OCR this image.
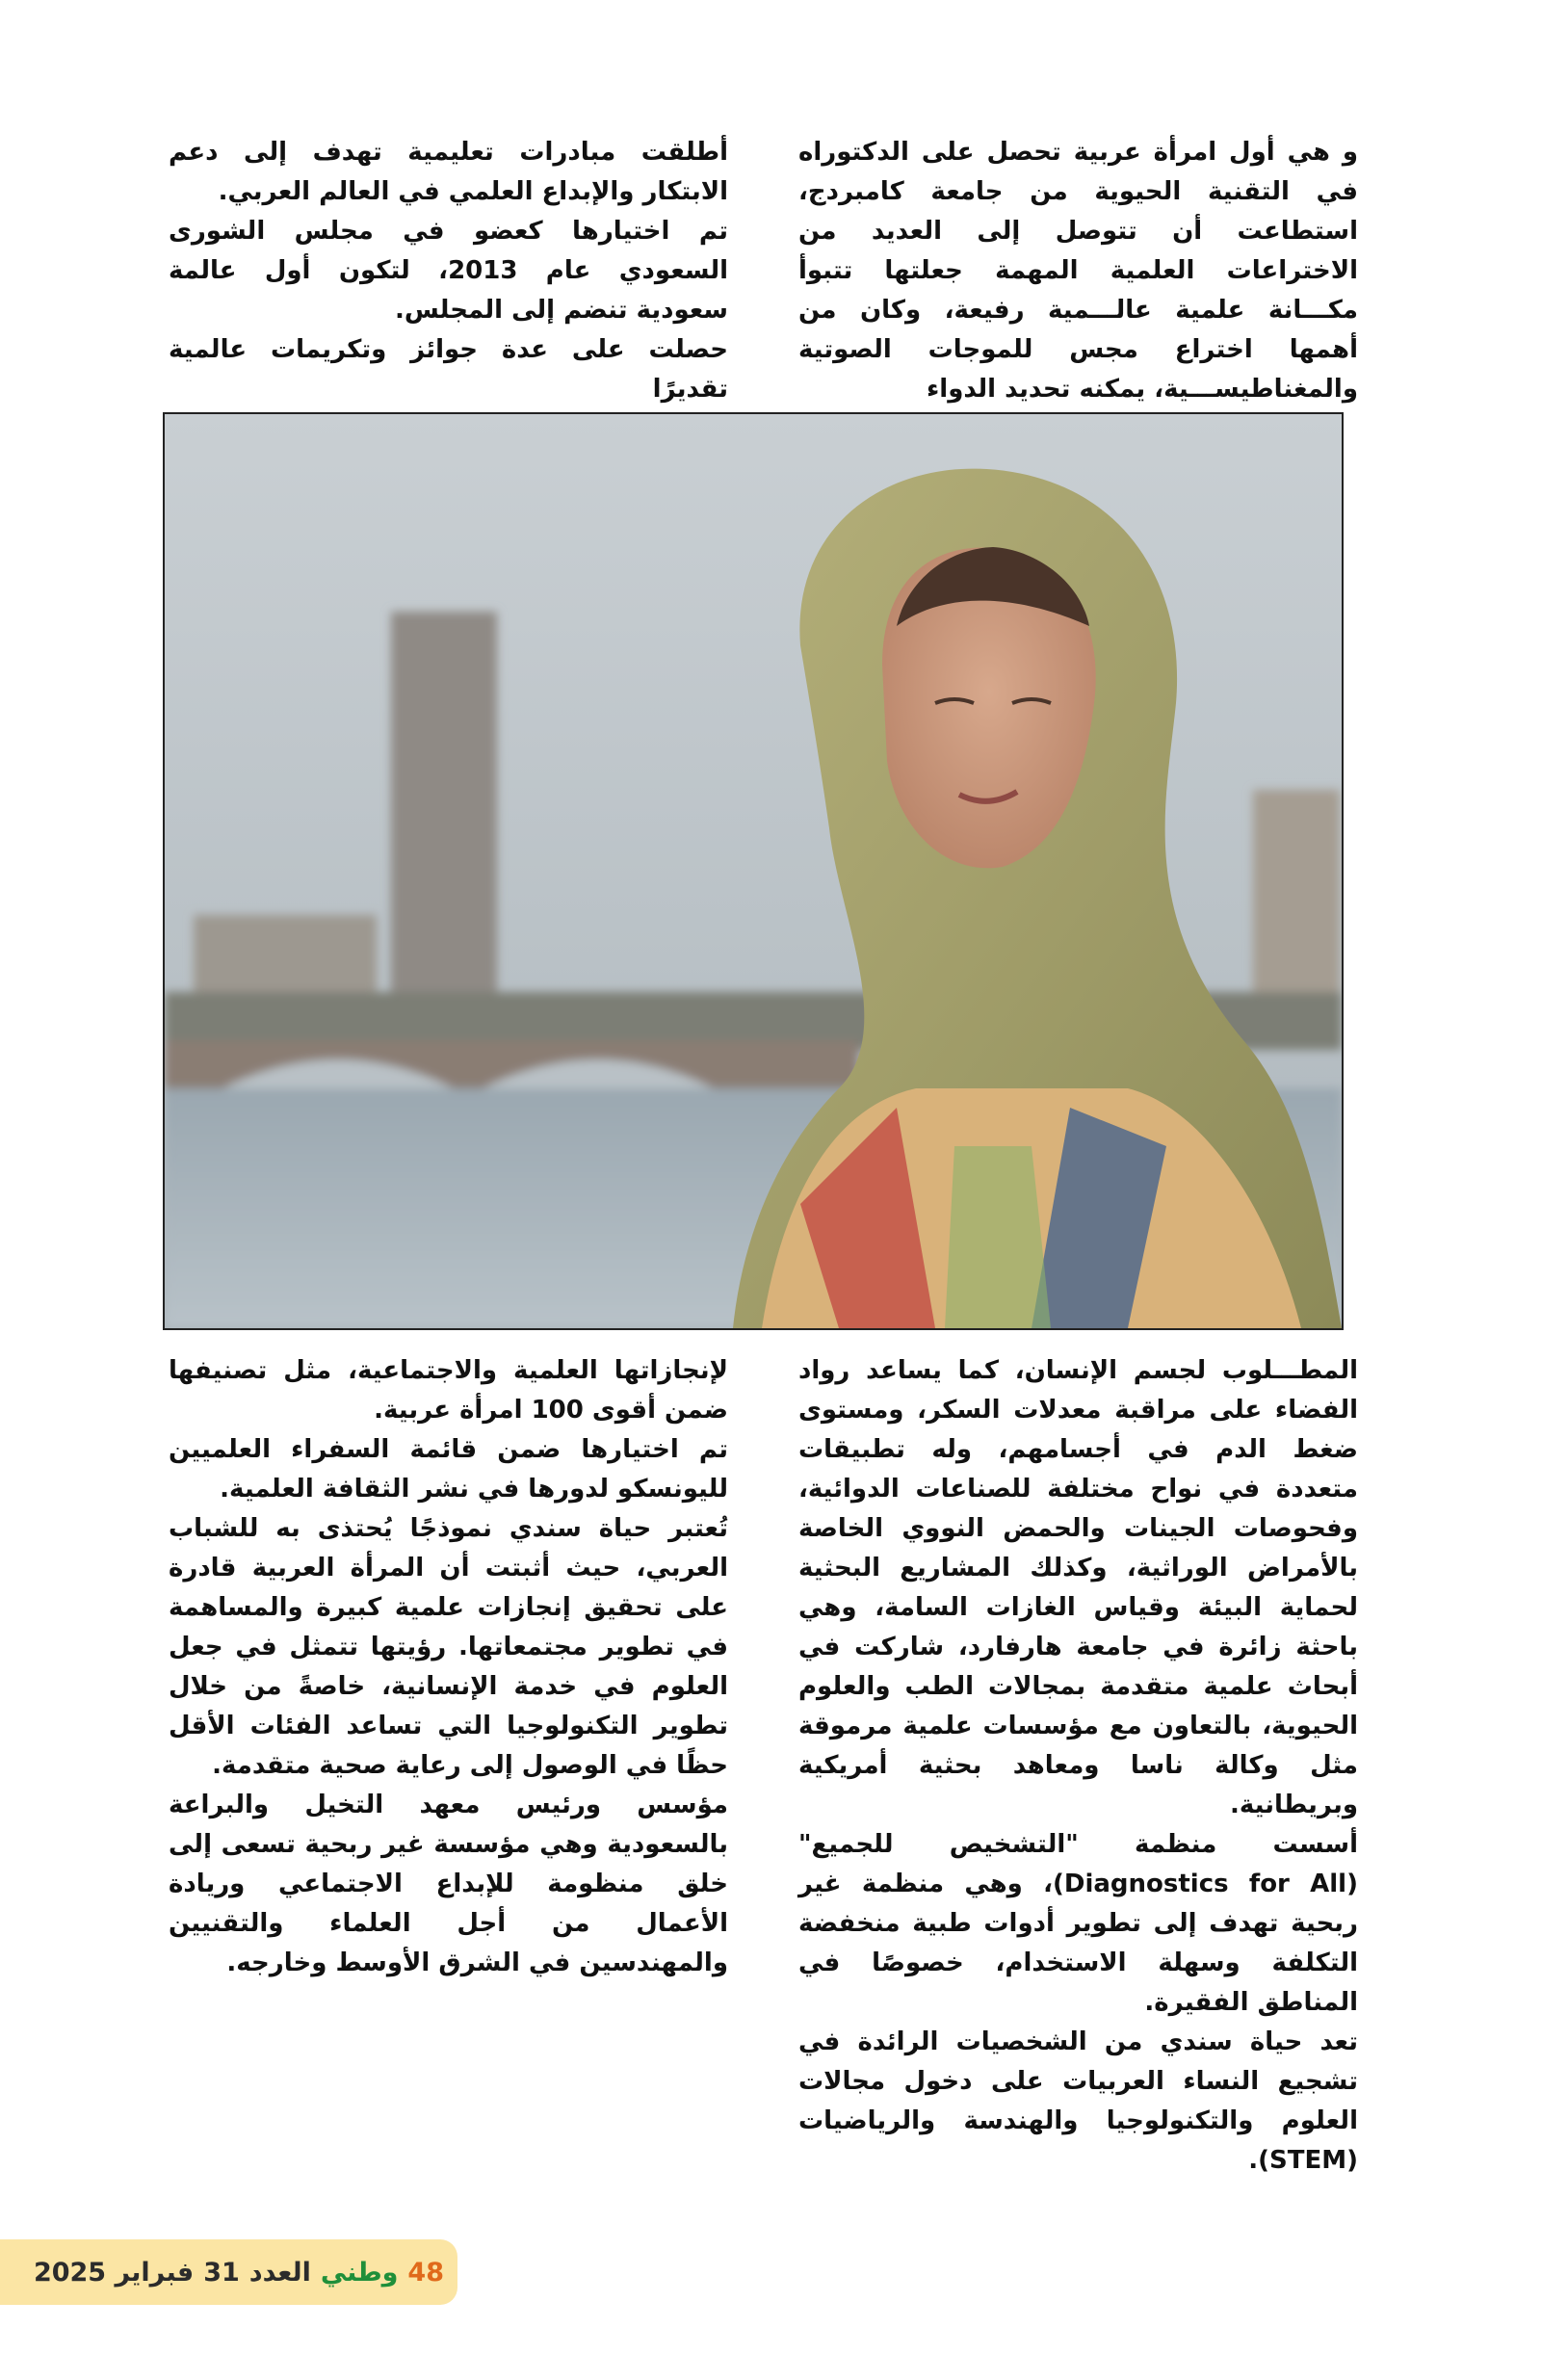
و هي أول امرأة عربية تحصل على الدكتوراه في التقنية الحيوية من جامعة كامبردج، استطاعت أن تتوصل إلى العديد من الاختراعات العلمية المهمة جعلتها تتبوأ مكـــانة علمية عالـــمية رفيعة، وكان من أهمها اختراع مجس للموجات الصوتية والمغناطيســـية، يمكنه تحديد الدواء

أطلقت مبادرات تعليمية تهدف إلى دعم الابتكار والإبداع العلمي في العالم العربي.

تم اختيارها كعضو في مجلس الشورى السعودي عام 2013، لتكون أول عالمة سعودية تنضم إلى المجلس.

حصلت على عدة جوائز وتكريمات عالمية تقديرًا

المطـــلوب لجسم الإنسان، كما يساعد رواد الفضاء على مراقبة معدلات السكر، ومستوى ضغط الدم في أجسامهم، وله تطبيقات متعددة في نواح مختلفة للصناعات الدوائية، وفحوصات الجينات والحمض النووي الخاصة بالأمراض الوراثية، وكذلك المشاريع البحثية لحماية البيئة وقياس الغازات السامة، وهي باحثة زائرة في جامعة هارفارد، شاركت في أبحاث علمية متقدمة بمجالات الطب والعلوم الحيوية، بالتعاون مع مؤسسات علمية مرموقة مثل وكالة ناسا ومعاهد بحثية أمريكية وبريطانية.

أسست منظمة "التشخيص للجميع" (Diagnostics for All)، وهي منظمة غير ربحية تهدف إلى تطوير أدوات طبية منخفضة التكلفة وسهلة الاستخدام، خصوصًا في المناطق الفقيرة.

تعد حياة سندي من الشخصيات الرائدة في تشجيع النساء العربيات على دخول مجالات العلوم والتكنولوجيا والهندسة والرياضيات (STEM).

لإنجازاتها العلمية والاجتماعية، مثل تصنيفها ضمن أقوى 100 امرأة عربية.

تم اختيارها ضمن قائمة السفراء العلميين لليونسكو لدورها في نشر الثقافة العلمية.

تُعتبر حياة سندي نموذجًا يُحتذى به للشباب العربي، حيث أثبتت أن المرأة العربية قادرة على تحقيق إنجازات علمية كبيرة والمساهمة في تطوير مجتمعاتها. رؤيتها تتمثل في جعل العلوم في خدمة الإنسانية، خاصةً من خلال تطوير التكنولوجيا التي تساعد الفئات الأقل حظًا في الوصول إلى رعاية صحية متقدمة.

مؤسس ورئيس معهد التخيل والبراعة بالسعودية وهي مؤسسة غير ربحية تسعى إلى خلق منظومة للإبداع الاجتماعي وريادة الأعمال من أجل العلماء والتقنيين والمهندسين في الشرق الأوسط وخارجه.

48
وطني
العدد
31
فبراير 2025
